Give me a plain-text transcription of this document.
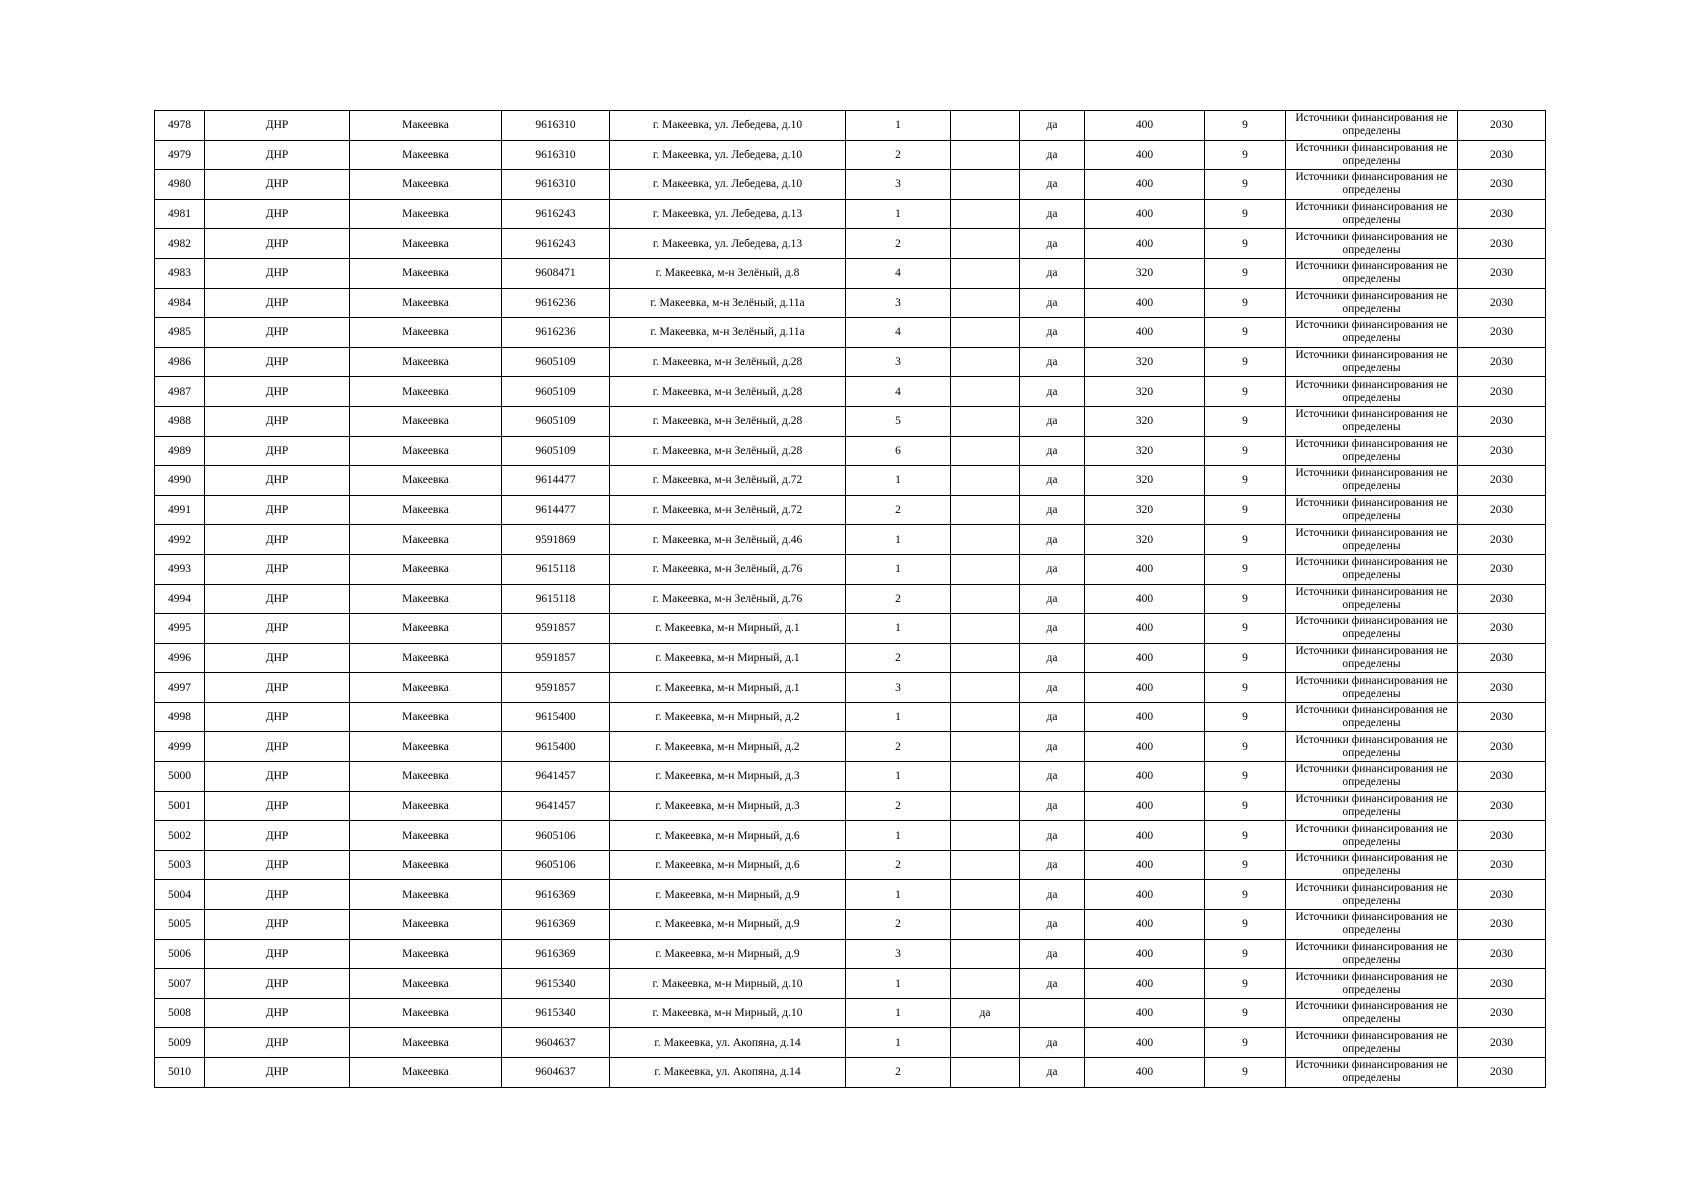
4978	ДНР	Макеевка	9616310	г. Макеевка, ул. Лебедева, д.10	1		да	400	9	Источники финансирования не определены	2030
4979	ДНР	Макеевка	9616310	г. Макеевка, ул. Лебедева, д.10	2		да	400	9	Источники финансирования не определены	2030
4980	ДНР	Макеевка	9616310	г. Макеевка, ул. Лебедева, д.10	3		да	400	9	Источники финансирования не определены	2030
4981	ДНР	Макеевка	9616243	г. Макеевка, ул. Лебедева, д.13	1		да	400	9	Источники финансирования не определены	2030
4982	ДНР	Макеевка	9616243	г. Макеевка, ул. Лебедева, д.13	2		да	400	9	Источники финансирования не определены	2030
4983	ДНР	Макеевка	9608471	г. Макеевка, м-н Зелёный, д.8	4		да	320	9	Источники финансирования не определены	2030
4984	ДНР	Макеевка	9616236	г. Макеевка, м-н Зелёный, д.11а	3		да	400	9	Источники финансирования не определены	2030
4985	ДНР	Макеевка	9616236	г. Макеевка, м-н Зелёный, д.11а	4		да	400	9	Источники финансирования не определены	2030
4986	ДНР	Макеевка	9605109	г. Макеевка, м-н Зелёный, д.28	3		да	320	9	Источники финансирования не определены	2030
4987	ДНР	Макеевка	9605109	г. Макеевка, м-н Зелёный, д.28	4		да	320	9	Источники финансирования не определены	2030
4988	ДНР	Макеевка	9605109	г. Макеевка, м-н Зелёный, д.28	5		да	320	9	Источники финансирования не определены	2030
4989	ДНР	Макеевка	9605109	г. Макеевка, м-н Зелёный, д.28	6		да	320	9	Источники финансирования не определены	2030
4990	ДНР	Макеевка	9614477	г. Макеевка, м-н Зелёный, д.72	1		да	320	9	Источники финансирования не определены	2030
4991	ДНР	Макеевка	9614477	г. Макеевка, м-н Зелёный, д.72	2		да	320	9	Источники финансирования не определены	2030
4992	ДНР	Макеевка	9591869	г. Макеевка, м-н Зелёный, д.46	1		да	320	9	Источники финансирования не определены	2030
4993	ДНР	Макеевка	9615118	г. Макеевка, м-н Зелёный, д.76	1		да	400	9	Источники финансирования не определены	2030
4994	ДНР	Макеевка	9615118	г. Макеевка, м-н Зелёный, д.76	2		да	400	9	Источники финансирования не определены	2030
4995	ДНР	Макеевка	9591857	г. Макеевка, м-н Мирный, д.1	1		да	400	9	Источники финансирования не определены	2030
4996	ДНР	Макеевка	9591857	г. Макеевка, м-н Мирный, д.1	2		да	400	9	Источники финансирования не определены	2030
4997	ДНР	Макеевка	9591857	г. Макеевка, м-н Мирный, д.1	3		да	400	9	Источники финансирования не определены	2030
4998	ДНР	Макеевка	9615400	г. Макеевка, м-н Мирный, д.2	1		да	400	9	Источники финансирования не определены	2030
4999	ДНР	Макеевка	9615400	г. Макеевка, м-н Мирный, д.2	2		да	400	9	Источники финансирования не определены	2030
5000	ДНР	Макеевка	9641457	г. Макеевка, м-н Мирный, д.3	1		да	400	9	Источники финансирования не определены	2030
5001	ДНР	Макеевка	9641457	г. Макеевка, м-н Мирный, д.3	2		да	400	9	Источники финансирования не определены	2030
5002	ДНР	Макеевка	9605106	г. Макеевка, м-н Мирный, д.6	1		да	400	9	Источники финансирования не определены	2030
5003	ДНР	Макеевка	9605106	г. Макеевка, м-н Мирный, д.6	2		да	400	9	Источники финансирования не определены	2030
5004	ДНР	Макеевка	9616369	г. Макеевка, м-н Мирный, д.9	1		да	400	9	Источники финансирования не определены	2030
5005	ДНР	Макеевка	9616369	г. Макеевка, м-н Мирный, д.9	2		да	400	9	Источники финансирования не определены	2030
5006	ДНР	Макеевка	9616369	г. Макеевка, м-н Мирный, д.9	3		да	400	9	Источники финансирования не определены	2030
5007	ДНР	Макеевка	9615340	г. Макеевка, м-н Мирный, д.10	1		да	400	9	Источники финансирования не определены	2030
5008	ДНР	Макеевка	9615340	г. Макеевка, м-н Мирный, д.10	1	да		400	9	Источники финансирования не определены	2030
5009	ДНР	Макеевка	9604637	г. Макеевка, ул. Акопяна, д.14	1		да	400	9	Источники финансирования не определены	2030
5010	ДНР	Макеевка	9604637	г. Макеевка, ул. Акопяна, д.14	2		да	400	9	Источники финансирования не определены	2030
